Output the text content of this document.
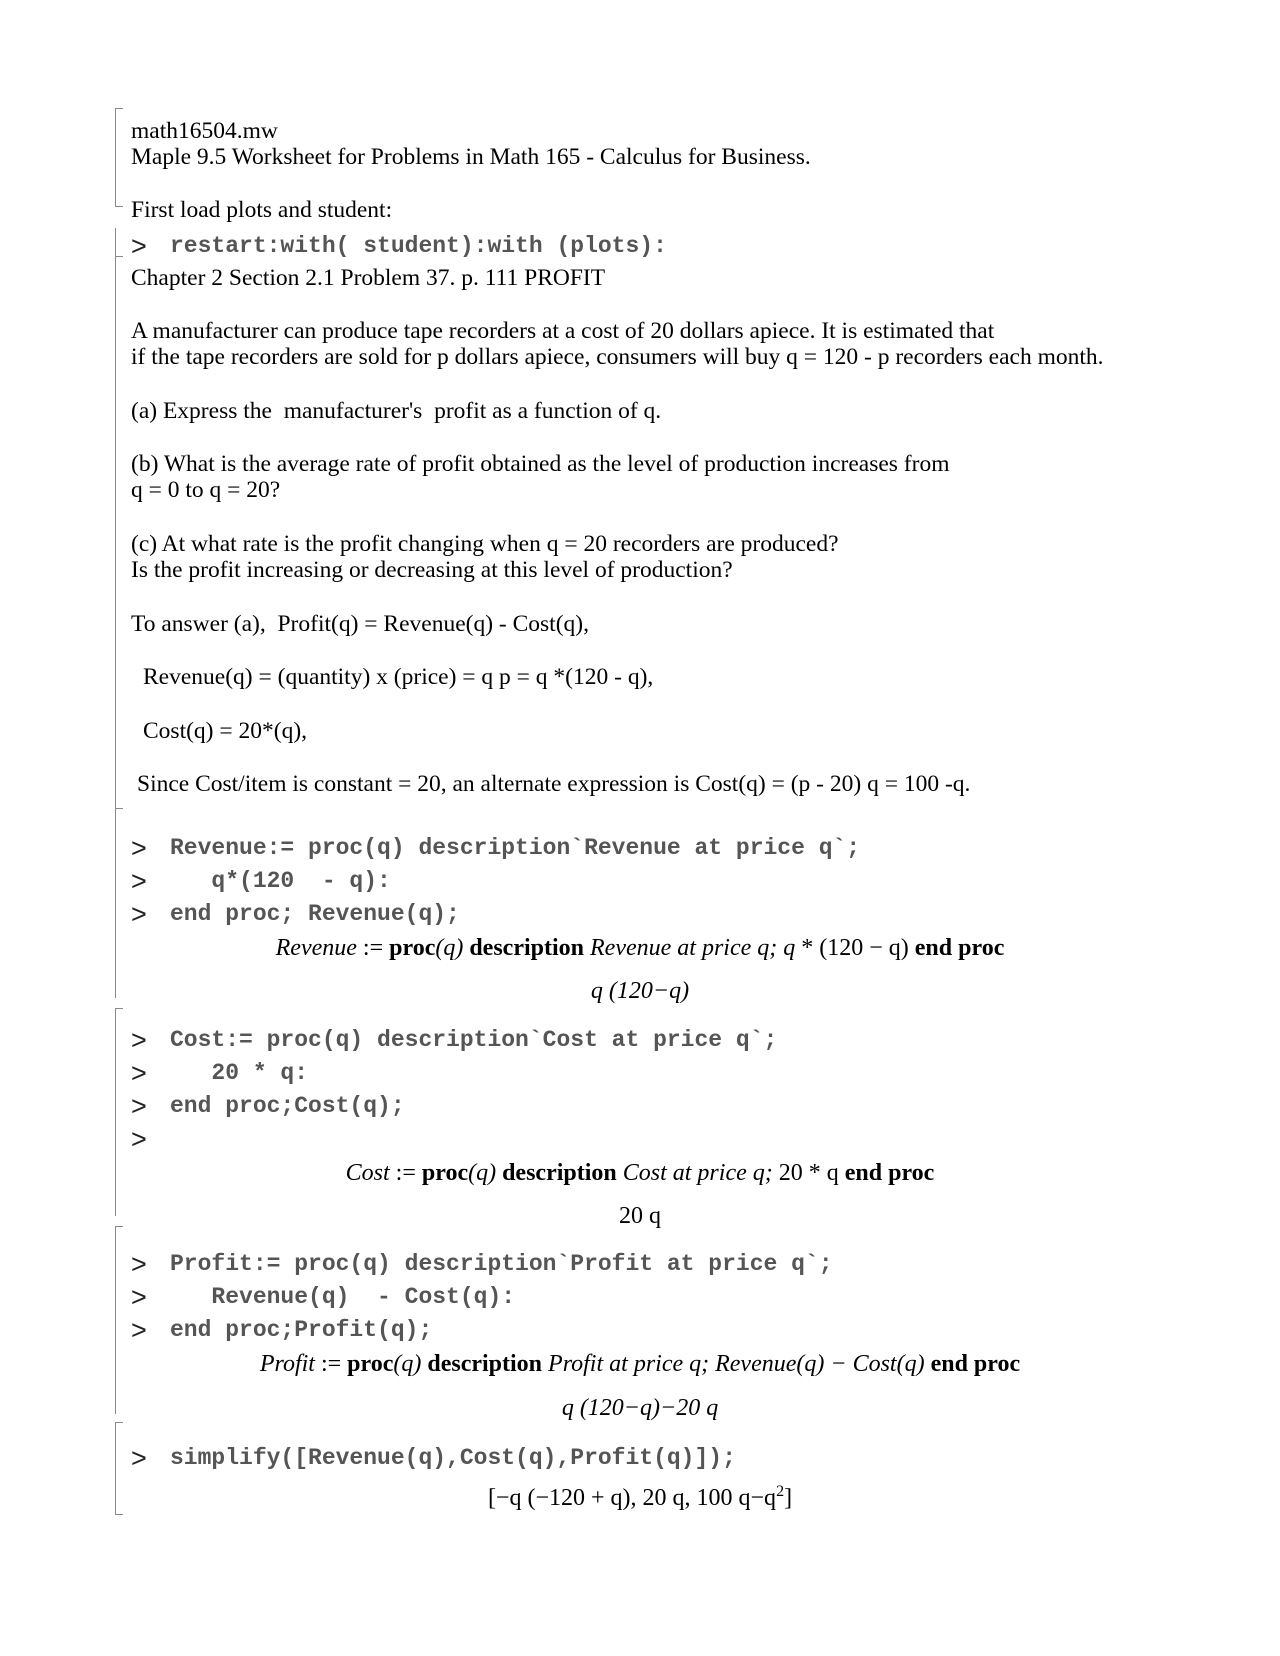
math16504.mw
Maple 9.5 Worksheet for Problems in Math 165 - Calculus for Business.
First load plots and student:
> restart:with( student):with (plots):
Chapter 2 Section 2.1 Problem 37. p. 111 PROFIT
A manufacturer can produce tape recorders at a cost of 20 dollars apiece. It is estimated that
if the tape recorders are sold for p dollars apiece, consumers will buy q = 120 - p recorders each month.
(a) Express the  manufacturer's  profit as a function of q.
(b) What is the average rate of profit obtained as the level of production increases from
q = 0 to q = 20?
(c) At what rate is the profit changing when q = 20 recorders are produced?
Is the profit increasing or decreasing at this level of production?
To answer (a),  Profit(q) = Revenue(q) - Cost(q),
Revenue(q) = (quantity) x (price) = q p = q *(120 - q),
Cost(q) = 20*(q),
Since Cost/item is constant = 20, an alternate expression is Cost(q) = (p - 20) q = 100 -q.
> Revenue:= proc(q) description`Revenue at price q`;
> q*(120  - q):
> end proc; Revenue(q);
Revenue := proc(q) description Revenue at price q; q * (120 − q) end proc
q (120−q)
> Cost:= proc(q) description`Cost at price q`;
> 20 * q:
> end proc;Cost(q);
>
Cost := proc(q) description Cost at price q; 20 * q end proc
20 q
> Profit:= proc(q) description`Profit at price q`;
> Revenue(q)  - Cost(q):
> end proc;Profit(q);
Profit := proc(q) description Profit at price q; Revenue(q) − Cost(q) end proc
q (120−q)−20 q
> simplify([Revenue(q),Cost(q),Profit(q)]);
[−q (−120 + q), 20 q, 100 $q-q^2$]
